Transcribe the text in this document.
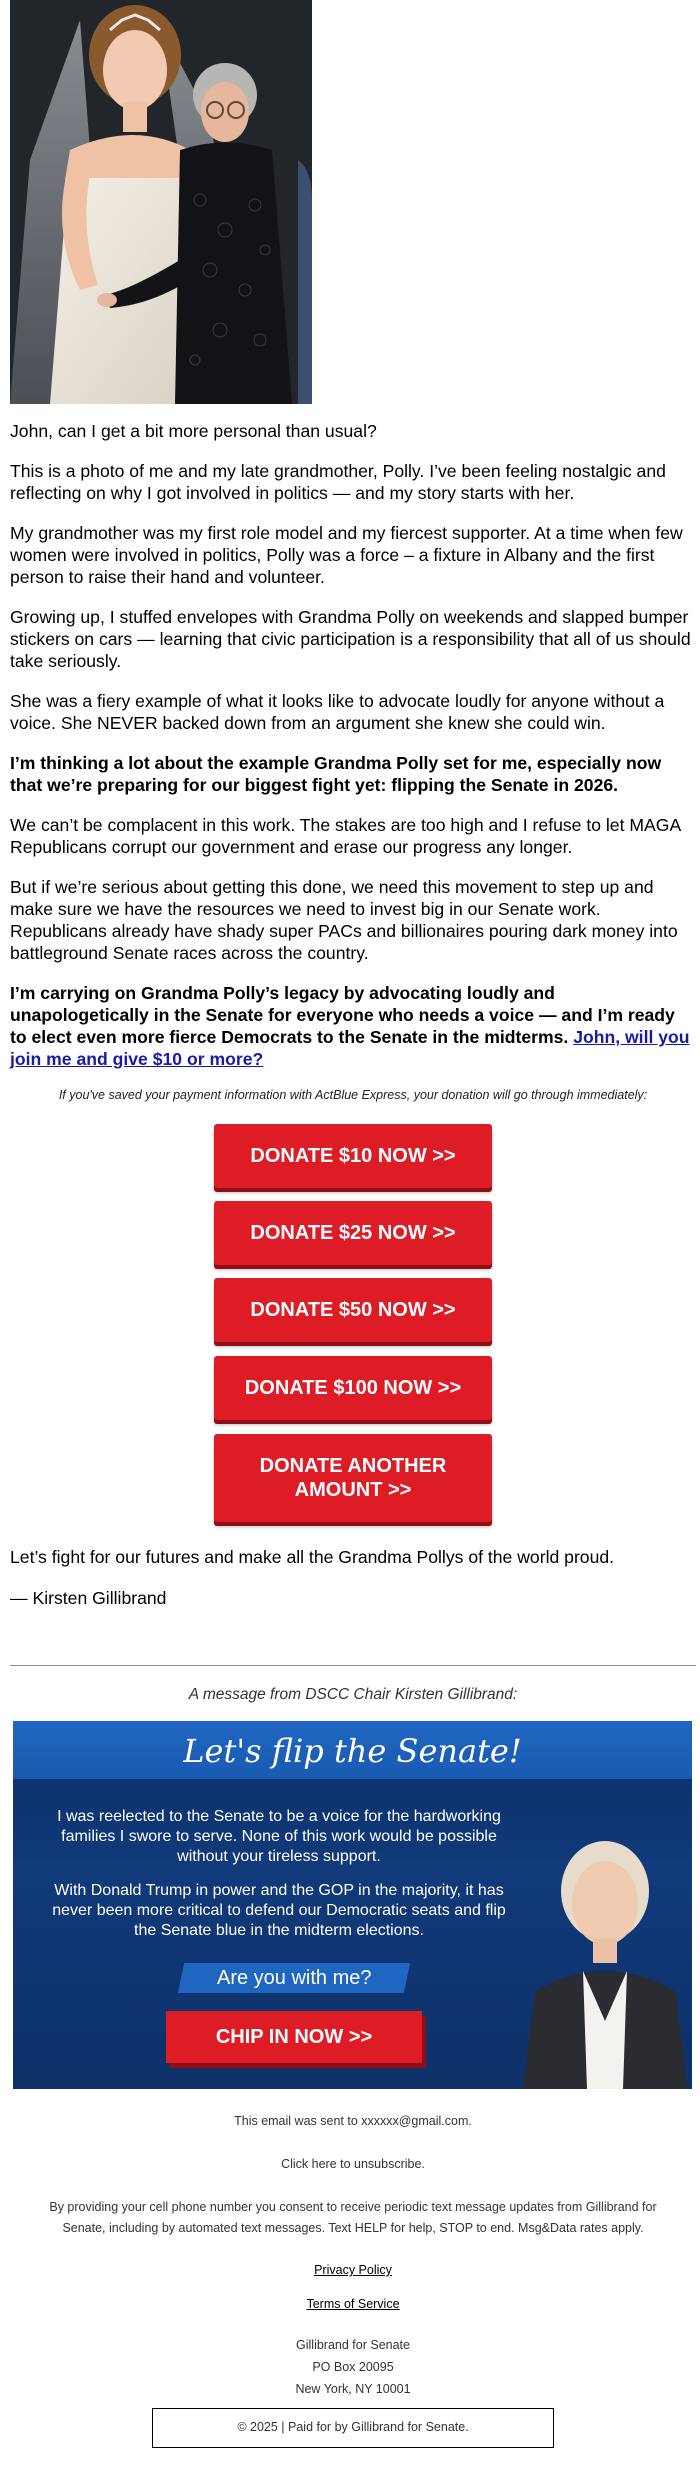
John, can I get a bit more personal than usual?

This is a photo of me and my late grandmother, Polly. I’ve been feeling nostalgic and reflecting on why I got involved in politics — and my story starts with her.

My grandmother was my first role model and my fiercest supporter. At a time when few women were involved in politics, Polly was a force – a fixture in Albany and the first person to raise their hand and volunteer.

Growing up, I stuffed envelopes with Grandma Polly on weekends and slapped bumper stickers on cars — learning that civic participation is a responsibility that all of us should take seriously.

She was a fiery example of what it looks like to advocate loudly for anyone without a voice. She NEVER backed down from an argument she knew she could win.

I’m thinking a lot about the example Grandma Polly set for me, especially now that we’re preparing for our biggest fight yet: flipping the Senate in 2026.

We can’t be complacent in this work. The stakes are too high and I refuse to let MAGA Republicans corrupt our government and erase our progress any longer.

But if we’re serious about getting this done, we need this movement to step up and make sure we have the resources we need to invest big in our Senate work. Republicans already have shady super PACs and billionaires pouring dark money into battleground Senate races across the country.

I’m carrying on Grandma Polly’s legacy by advocating loudly and unapologetically in the Senate for everyone who needs a voice — and I’m ready to elect even more fierce Democrats to the Senate in the midterms. John, will you join me and give $10 or more?

If you've saved your payment information with ActBlue Express, your donation will go through immediately:
DONATE $10 NOW >>
DONATE $25 NOW >>
DONATE $50 NOW >>
DONATE $100 NOW >>
DONATE ANOTHER AMOUNT >>
Let’s fight for our futures and make all the Grandma Pollys of the world proud.
— Kirsten Gillibrand
A message from DSCC Chair Kirsten Gillibrand:
Let's flip the Senate!
I was reelected to the Senate to be a voice for the hardworking families I swore to serve. None of this work would be possible without your tireless support.
With Donald Trump in power and the GOP in the majority, it has never been more critical to defend our Democratic seats and flip the Senate blue in the midterm elections.
Are you with me?
CHIP IN NOW >>
This email was sent to xxxxxx@gmail.com.
Click here to unsubscribe.
By providing your cell phone number you consent to receive periodic text message updates from Gillibrand for Senate, including by automated text messages. Text HELP for help, STOP to end. Msg&Data rates apply.
Privacy Policy
Terms of Service
Gillibrand for Senate
PO Box 20095
New York, NY 10001
© 2025 | Paid for by Gillibrand for Senate.
